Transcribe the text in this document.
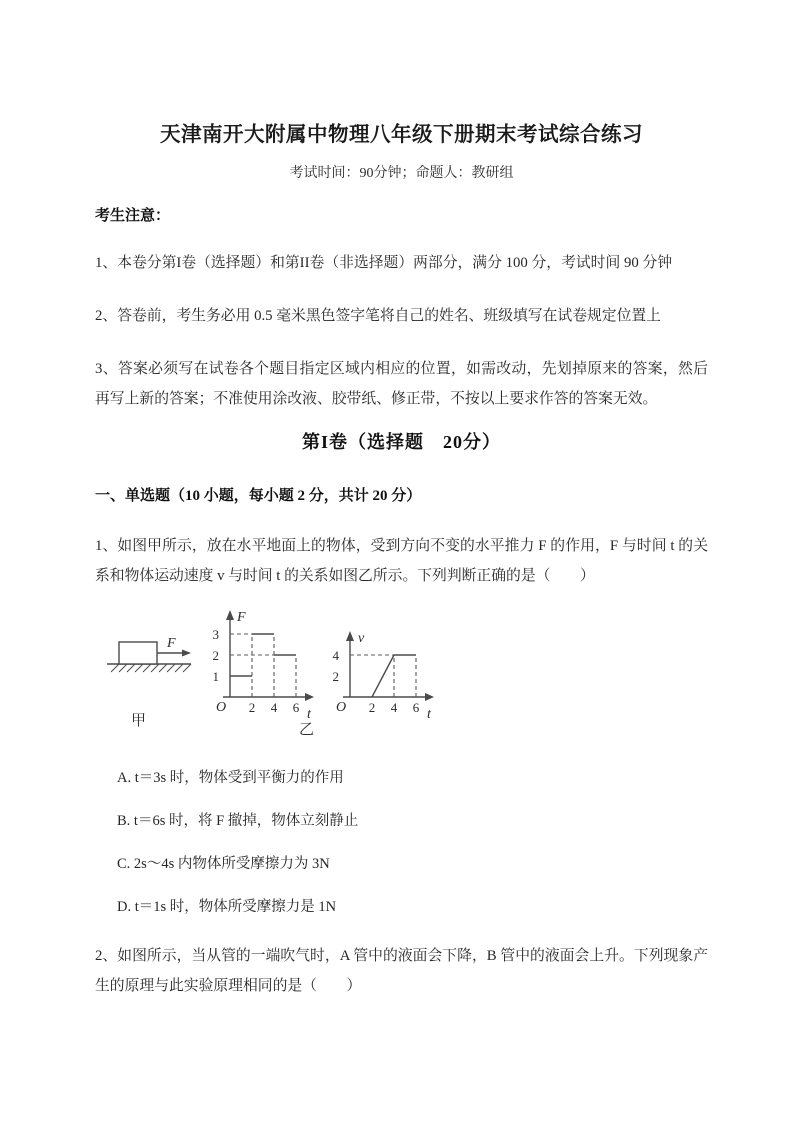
天津南开大附属中物理八年级下册期末考试综合练习
考试时间：90分钟；命题人：教研组
考生注意：

1、本卷分第I卷（选择题）和第II卷（非选择题）两部分，满分 100 分，考试时间 90 分钟

2、答卷前，考生务必用 0.5 毫米黑色签字笔将自己的姓名、班级填写在试卷规定位置上

3、答案必须写在试卷各个题目指定区域内相应的位置，如需改动，先划掉原来的答案，然后再写上新的答案；不准使用涂改液、胶带纸、修正带，不按以上要求作答的答案无效。

第I卷（选择题　20分）
一、单选题（10 小题，每小题 2 分，共计 20 分）

1、如图甲所示，放在水平地面上的物体，受到方向不变的水平推力 F 的作用，F 与时间 t 的关系和物体运动速度 v 与时间 t 的关系如图乙所示。下列判断正确的是（　　）

F
甲
F
t
O
1
2
3
2 4 6
乙
v
t
O
2
4
2 4 6

A. t＝3s 时，物体受到平衡力的作用

B. t＝6s 时，将 F 撤掉，物体立刻静止

C. 2s～4s 内物体所受摩擦力为 3N

D. t＝1s 时，物体所受摩擦力是 1N

2、如图所示，当从管的一端吹气时，A 管中的液面会下降，B 管中的液面会上升。下列现象产生的原理与此实验原理相同的是（　　）
